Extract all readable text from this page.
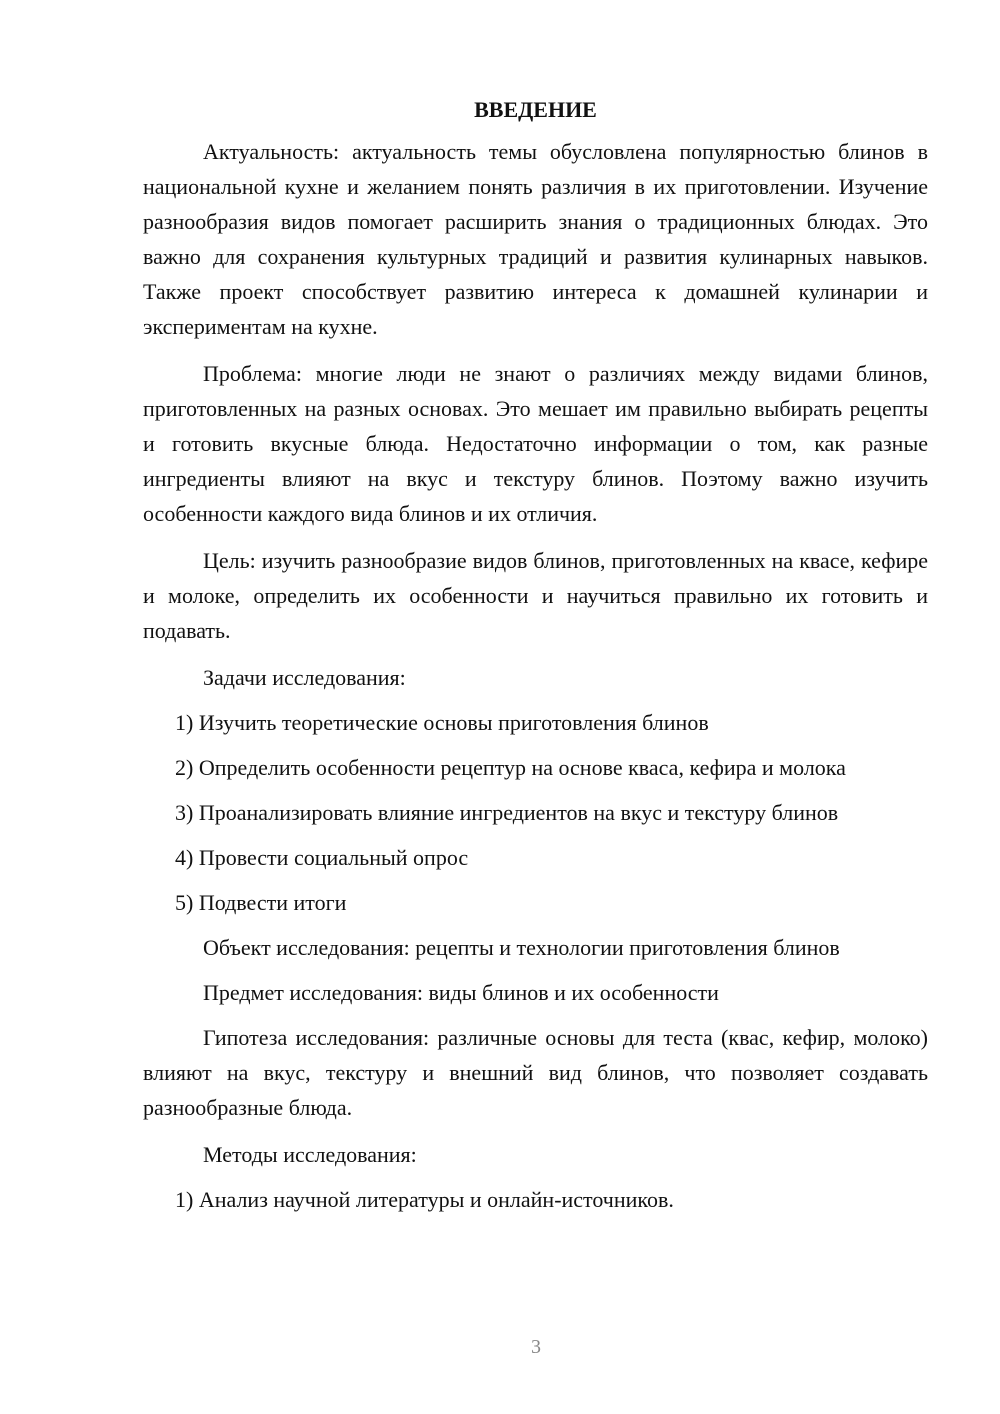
ВВЕДЕНИЕ

Актуальность: актуальность темы обусловлена популярностью блинов в национальной кухне и желанием понять различия в их приготовлении. Изучение разнообразия видов помогает расширить знания о традиционных блюдах. Это важно для сохранения культурных традиций и развития кулинарных навыков. Также проект способствует развитию интереса к домашней кулинарии и экспериментам на кухне.

Проблема: многие люди не знают о различиях между видами блинов, приготовленных на разных основах. Это мешает им правильно выбирать рецепты и готовить вкусные блюда. Недостаточно информации о том, как разные ингредиенты влияют на вкус и текстуру блинов. Поэтому важно изучить особенности каждого вида блинов и их отличия.

Цель: изучить разнообразие видов блинов, приготовленных на квасе, кефире и молоке, определить их особенности и научиться правильно их готовить и подавать.

Задачи исследования:

1) Изучить теоретические основы приготовления блинов

2) Определить особенности рецептур на основе кваса, кефира и молока

3) Проанализировать влияние ингредиентов на вкус и текстуру блинов

4) Провести социальный опрос

5) Подвести итоги

Объект исследования: рецепты и технологии приготовления блинов

Предмет исследования: виды блинов и их особенности

Гипотеза исследования: различные основы для теста (квас, кефир, молоко) влияют на вкус, текстуру и внешний вид блинов, что позволяет создавать разнообразные блюда.

Методы исследования:

1) Анализ научной литературы и онлайн-источников.

3
